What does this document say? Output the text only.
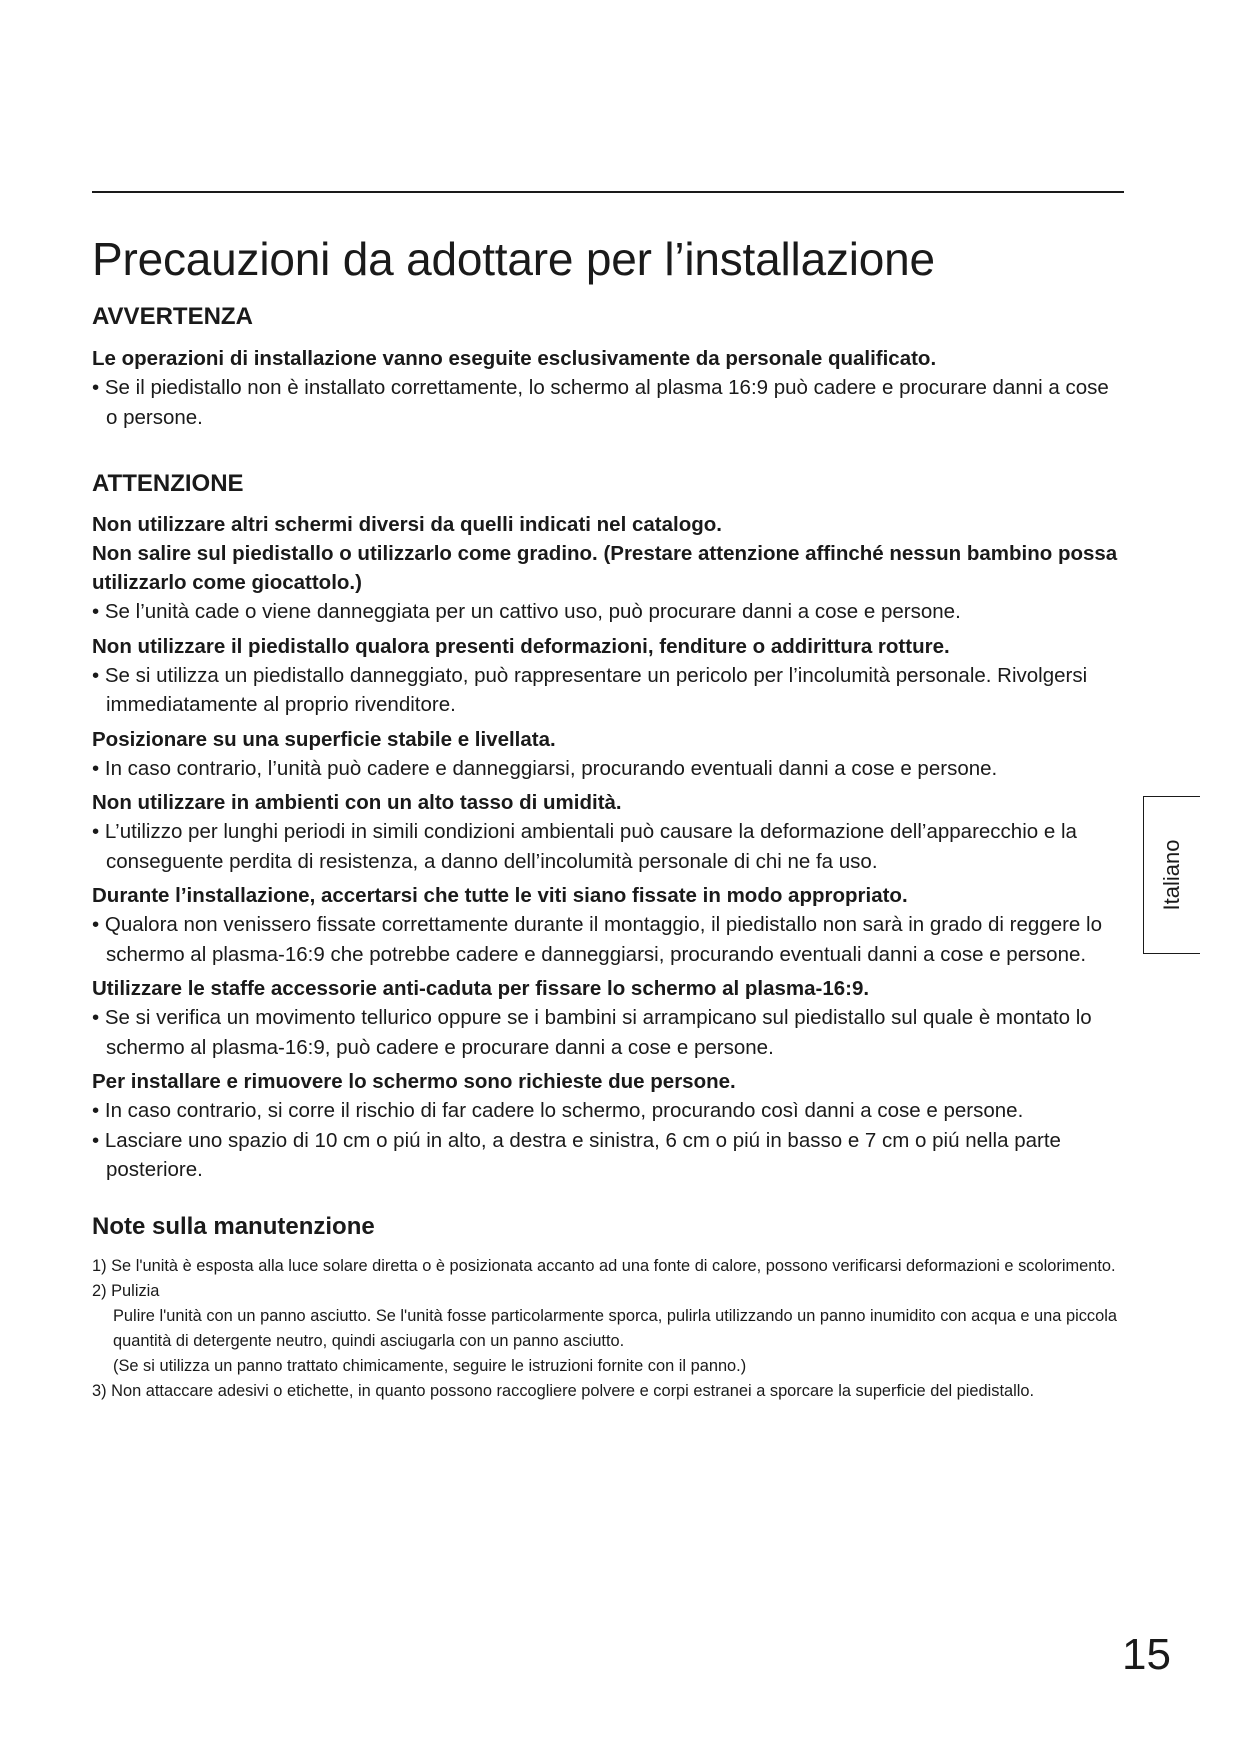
Precauzioni da adottare per l’installazione
AVVERTENZA

Le operazioni di installazione vanno eseguite esclusivamente da personale qualificato.

• Se il piedistallo non è installato correttamente, lo schermo al plasma 16:9 può cadere e procurare danni a cose o persone.

ATTENZIONE

Non utilizzare altri schermi diversi da quelli indicati nel catalogo.

Non salire sul piedistallo o utilizzarlo come gradino. (Prestare attenzione affinché nessun bambino possa utilizzarlo come giocattolo.)

• Se l’unità cade o viene danneggiata per un cattivo uso, può procurare danni a cose e persone.

Non utilizzare il piedistallo qualora presenti deformazioni, fenditure o addirittura rotture.

• Se si utilizza un piedistallo danneggiato, può rappresentare un pericolo per l’incolumità personale. Rivolgersi immediatamente al proprio rivenditore.

Posizionare su una superficie stabile e livellata.

• In caso contrario, l’unità può cadere e danneggiarsi, procurando eventuali danni a cose e persone.

Non utilizzare in ambienti con un alto tasso di umidità.

• L’utilizzo per lunghi periodi in simili condizioni ambientali può causare la deformazione dell’apparecchio e la conseguente perdita di resistenza, a danno dell’incolumità personale di chi ne fa uso.

Durante l’installazione, accertarsi che tutte le viti siano fissate in modo appropriato.

• Qualora non venissero fissate correttamente durante il montaggio, il piedistallo non sarà in grado di reggere lo schermo al plasma-16:9 che potrebbe cadere e danneggiarsi, procurando eventuali danni a cose e persone.

Utilizzare le staffe accessorie anti-caduta per fissare lo schermo al plasma-16:9.

• Se si verifica un movimento tellurico oppure se i bambini si arrampicano sul piedistallo sul quale è montato lo schermo al plasma-16:9, può cadere e procurare danni a cose e persone.

Per installare e rimuovere lo schermo sono richieste due persone.

• In caso contrario, si corre il rischio di far cadere lo schermo, procurando così danni a cose e persone.

• Lasciare uno spazio di 10 cm o piú in alto, a destra e sinistra, 6 cm o piú in basso e 7 cm o piú nella parte posteriore.

Note sulla manutenzione

1) Se l'unità è esposta alla luce solare diretta o è posizionata accanto ad una fonte di calore, possono verificarsi deformazioni e scolorimento.

2) Pulizia

Pulire l'unità con un panno asciutto. Se l'unità fosse particolarmente sporca, pulirla utilizzando un panno inumidito con acqua e una piccola quantità di detergente neutro, quindi asciugarla con un panno asciutto.

(Se si utilizza un panno trattato chimicamente, seguire le istruzioni fornite con il panno.)

3) Non attaccare adesivi o etichette, in quanto possono raccogliere polvere e corpi estranei a sporcare la superficie del piedistallo.

Italiano
15
